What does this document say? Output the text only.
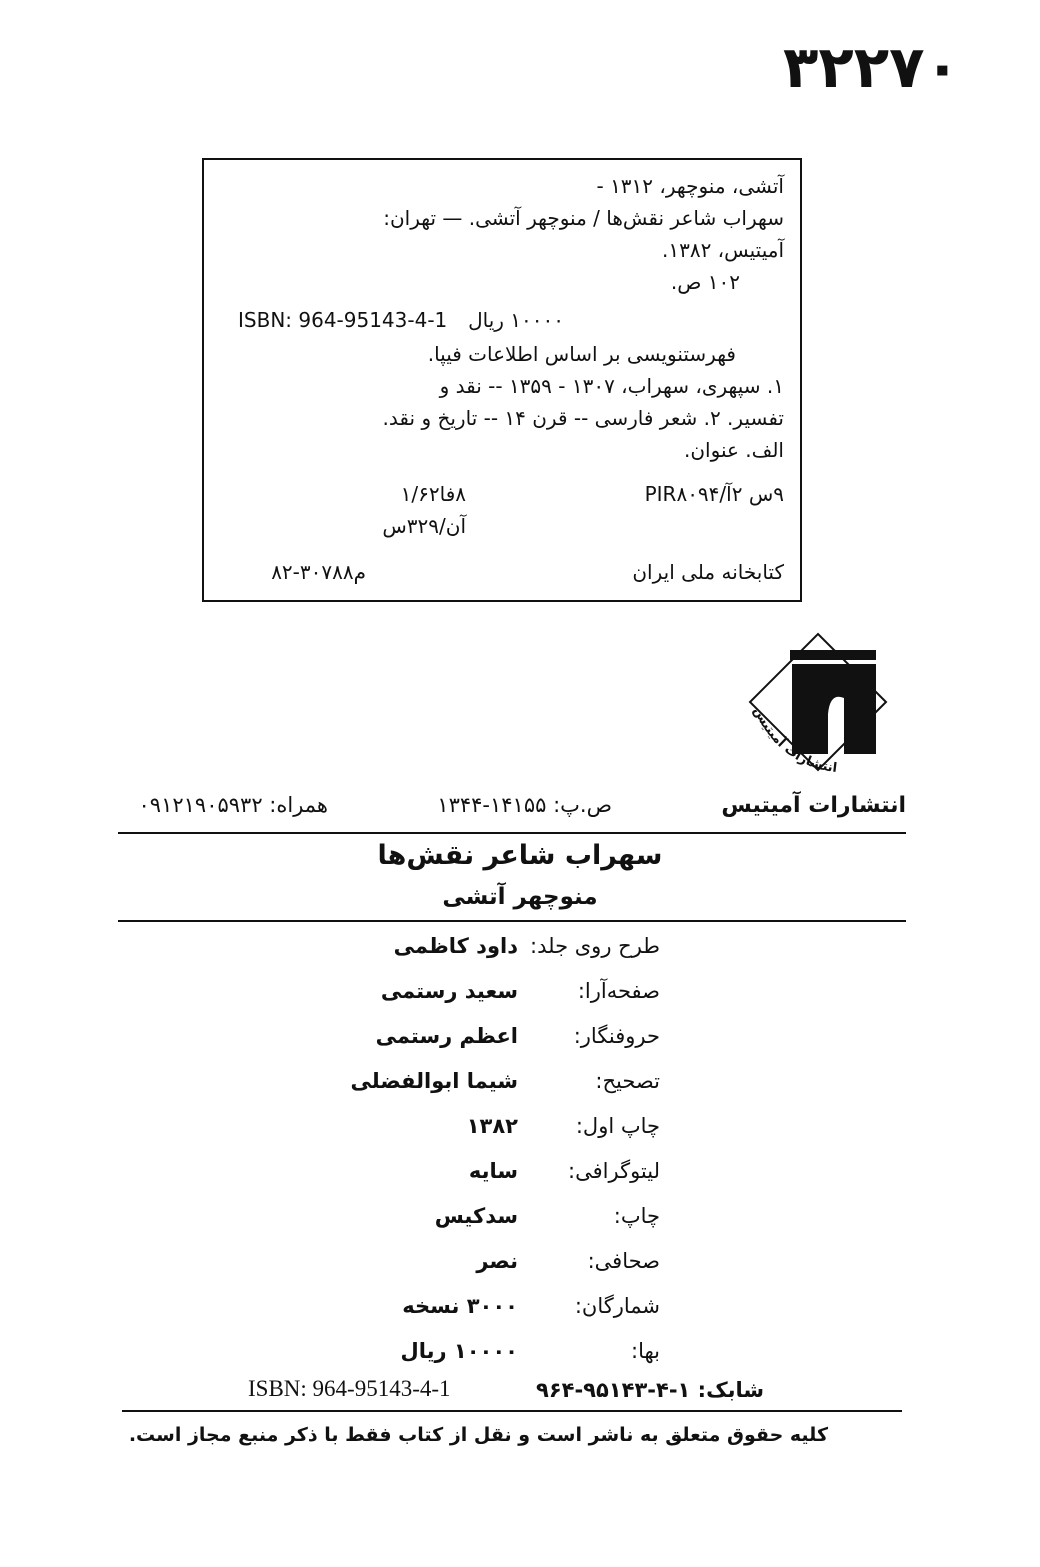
۳۲۲۷۰
آتشی، منوچهر، ۱۳۱۲ -
سهراب شاعر نقش‌ها / منوچهر آتشی. — تهران:
آمیتیس، ۱۳۸۲.
۱۰۲ ص.
۱۰۰۰۰ ریال
ISBN: 964-95143-4-1
فهرستنویسی بر اساس اطلاعات فیپا.
۱. سپهری، سهراب، ۱۳۰۷ - ۱۳۵۹ -- نقد و
تفسیر. ۲. شعر فارسی -- قرن ۱۴ -- تاریخ و نقد.
الف. عنوان.
۹س ۲آ/PIR۸۰۹۴
۸فا۱/۶۲
آن/۳۲۹س
کتابخانه ملی ایران
م۳۰۷۸۸-۸۲
انتشارات آمیتیس
انتشارات آمیتیس
ص.پ: ۱۴۱۵۵-۱۳۴۴
همراه: ۰۹۱۲۱۹۰۵۹۳۲
سهراب شاعر نقش‌ها
منوچهر آتشی
طرح روی جلد:
داود کاظمی
صفحه‌آرا:
سعید رستمی
حروفنگار:
اعظم رستمی
تصحیح:
شیما ابوالفضلی
چاپ اول:
۱۳۸۲
لیتوگرافی:
سایه
چاپ:
سدکیس
صحافی:
نصر
شمارگان:
۳۰۰۰ نسخه
بها:
۱۰۰۰۰ ریال
شابک: ۱-۴-۹۵۱۴۳-۹۶۴
ISBN: 964-95143-4-1
کلیه حقوق متعلق به ناشر است و نقل از کتاب فقط با ذکر منبع مجاز است.
